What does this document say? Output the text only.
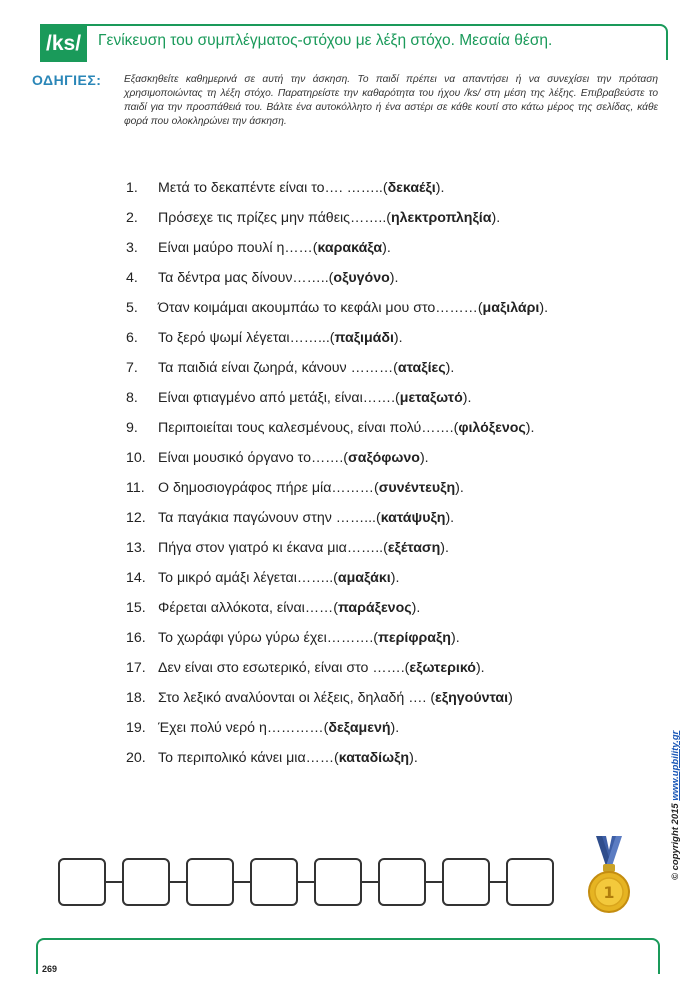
/ks/	Γενίκευση του συμπλέγματος-στόχου με λέξη στόχο. Μεσαία θέση.
ΟΔΗΓΙΕΣ: Εξασκηθείτε καθημερινά σε αυτή την άσκηση. Το παιδί πρέπει να απαντήσει ή να συνεχίσει την πρόταση χρησιμοποιώντας τη λέξη στόχο. Παρατηρείστε την καθαρότητα του ήχου /ks/ στη μέση της λέξης. Επιβραβεύστε το παιδί για την προσπάθειά του. Βάλτε ένα αυτοκόλλητο ή ένα αστέρι σε κάθε κουτί στο κάτω μέρος της σελίδας, κάθε φορά που ολοκληρώνει την άσκηση.
1. Μετά το δεκαπέντε είναι το…. ……..(δεκαέξι).
2. Πρόσεχε τις πρίζες μην πάθεις……..(ηλεκτροπληξία).
3. Είναι μαύρο πουλί η……(καρακάξα).
4. Τα δέντρα μας δίνουν……..(οξυγόνο).
5. Όταν κοιμάμαι ακουμπάω το κεφάλι μου στο………(μαξιλάρι).
6. Το ξερό ψωμί λέγεται……...(παξιμάδι).
7. Τα παιδιά είναι ζωηρά, κάνουν ………(αταξίες).
8. Είναι φτιαγμένο από μετάξι, είναι…….(μεταξωτό).
9. Περιποιείται τους καλεσμένους, είναι πολύ…….(φιλόξενος).
10. Είναι μουσικό όργανο το…….(σαξόφωνο).
11. Ο δημοσιογράφος πήρε μία………(συνέντευξη).
12. Τα παγάκια παγώνουν στην ……...(κατάψυξη).
13. Πήγα στον γιατρό κι έκανα μια……..(εξέταση).
14. Το μικρό αμάξι λέγεται……..(αμαξάκι).
15. Φέρεται αλλόκοτα, είναι……(παράξενος).
16. Το χωράφι γύρω γύρω έχει……….(περίφραξη).
17. Δεν είναι στο εσωτερικό, είναι στο …….(εξωτερικό).
18. Στο λεξικό αναλύονται οι λέξεις, δηλαδή …. (εξηγούνται)
19. Έχει πολύ νερό η…………(δεξαμενή).
20. Το περιπολικό κάνει μια……(καταδίωξη).
1
© copyright 2015 www.upbility.gr
269
